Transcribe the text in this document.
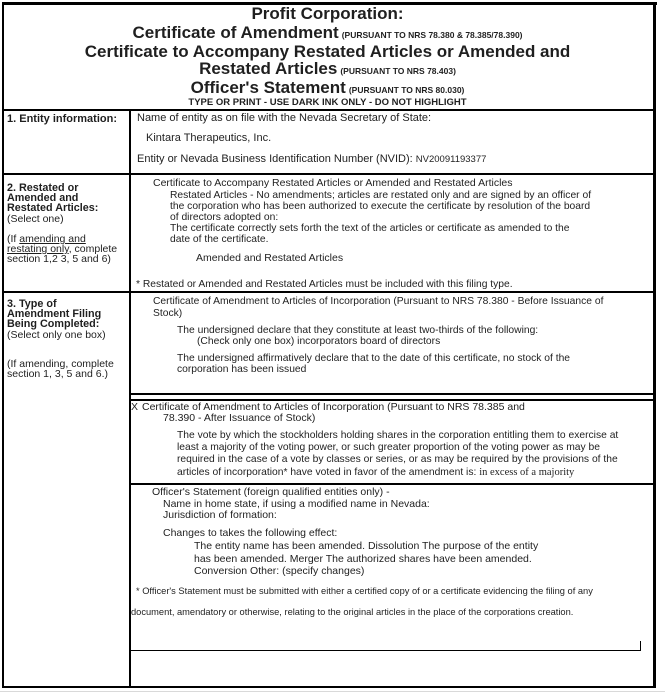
Profit Corporation:
Certificate of Amendment (PURSUANT TO NRS 78.380 & 78.385/78.390)
Certificate to Accompany Restated Articles or Amended and
Restated Articles (PURSUANT TO NRS 78.403)
Officer's Statement (PURSUANT TO NRS 80.030)
TYPE OR PRINT - USE DARK INK ONLY - DO NOT HIGHLIGHT
1. Entity information: Name of entity as on file with the Nevada Secretary of State:
Kintara Therapeutics, Inc.
Entity or Nevada Business Identification Number (NVID): NV20091193377
2. Restated or
Amended and
Restated Articles:
(Select one)
(If amending and
restating only, complete
section 1,2 3, 5 and 6)
Certificate to Accompany Restated Articles or Amended and Restated Articles
Restated Articles - No amendments; articles are restated only and are signed by an officer of
the corporation who has been authorized to execute the certificate by resolution of the board
of directors adopted on:
The certificate correctly sets forth the text of the articles or certificate as amended to the
date of the certificate.
Amended and Restated Articles
* Restated or Amended and Restated Articles must be included with this filing type.
3. Type of
Amendment Filing
Being Completed:
(Select only one box)
(If amending, complete
section 1, 3, 5 and 6.)
Certificate of Amendment to Articles of Incorporation (Pursuant to NRS 78.380 - Before Issuance of
Stock)
The undersigned declare that they constitute at least two-thirds of the following:
(Check only one box) incorporators board of directors
The undersigned affirmatively declare that to the date of this certificate, no stock of the
corporation has been issued
X Certificate of Amendment to Articles of Incorporation (Pursuant to NRS 78.385 and
78.390 - After Issuance of Stock)
The vote by which the stockholders holding shares in the corporation entitling them to exercise at
least a majority of the voting power, or such greater proportion of the voting power as may be
required in the case of a vote by classes or series, or as may be required by the provisions of the
articles of incorporation* have voted in favor of the amendment is: in excess of a majority
Officer's Statement (foreign qualified entities only) -
Name in home state, if using a modified name in Nevada:
Jurisdiction of formation:
Changes to takes the following effect:
The entity name has been amended. Dissolution The purpose of the entity
has been amended. Merger The authorized shares have been amended.
Conversion Other: (specify changes)
* Officer's Statement must be submitted with either a certified copy of or a certificate evidencing the filing of any
document, amendatory or otherwise, relating to the original articles in the place of the corporations creation.
